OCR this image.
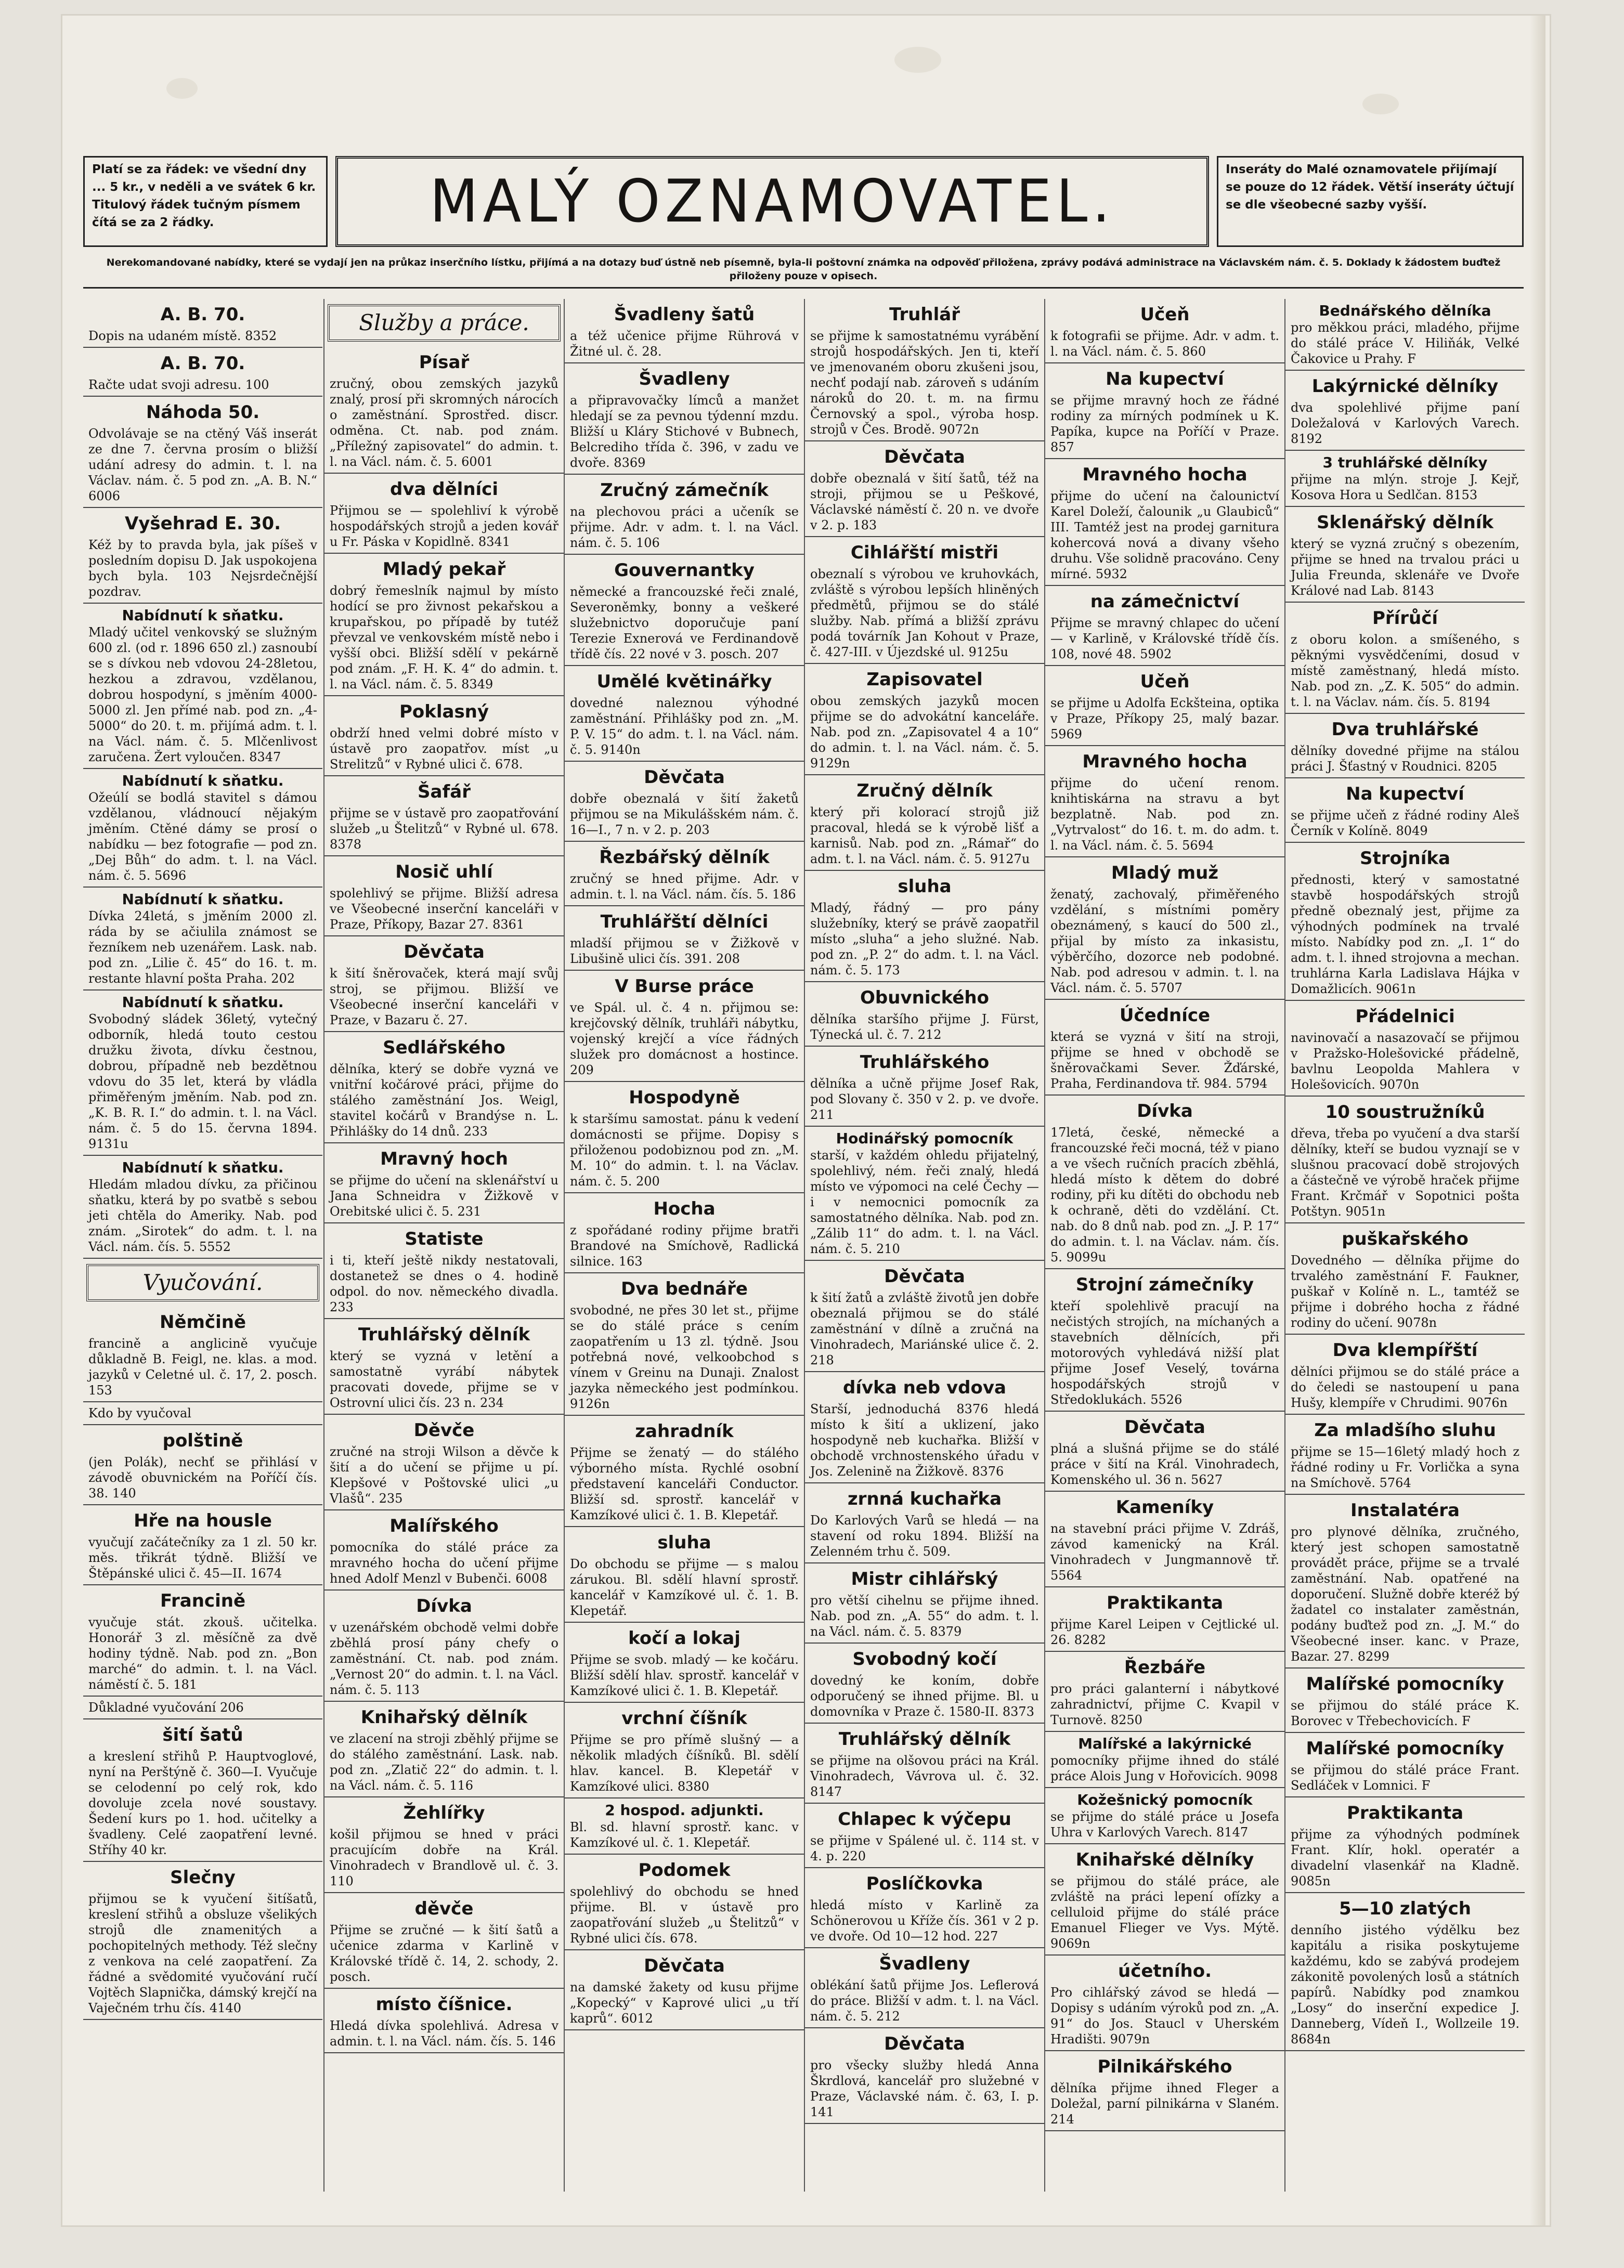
Platí se za řádek: ve všední dny ... 5 kr., v neděli a ve svátek 6 kr. Titulový řádek tučným písmem čítá se za 2 řádky.	MALÝ OZNAMOVATEL.	Inseráty do Malé oznamovatele přijímají se pouze do 12 řádek. Větší inseráty účtují se dle všeobecné sazby vyšší.
Nerekomandované nabídky, které se vydají jen na průkaz inserčního lístku, přijímá a na dotazy buď ústně neb písemně, byla-li poštovní známka na odpověď přiložena, zprávy podává administrace na Václavském nám. č. 5. Doklady k žádostem buďtež přiloženy pouze v opisech.
A. B. 70.
Dopis na udaném místě. 8352
A. B. 70.
Račte udat svoji adresu. 100
Náhoda 50.
Odvolávaje se na ctěný Váš inserát ze dne 7. června prosím o bližší udání adresy do admin. t. l. na Václav. nám. č. 5 pod zn. „A. B. N.“ 6006
Vyšehrad E. 30.
Kéž by to pravda byla, jak píšeš v posledním dopisu D. Jak uspokojena bych byla. 103 Nejsrdečnější pozdrav.
Nabídnutí k sňatku.
Mladý učitel venkovský se služným 600 zl. (od r. 1896 650 zl.) zasnoubí se s dívkou neb vdovou 24-28letou, hezkou a zdravou, vzdělanou, dobrou hospodyní, s jměním 4000-5000 zl. Jen přímé nab. pod zn. „4-5000“ do 20. t. m. přijímá adm. t. l. na Václ. nám. č. 5. Mlčenlivost zaručena. Žert vyloučen. 8347
Nabídnutí k sňatku.
Ožeúlí se bodlá stavitel s dámou vzdělanou, vládnoucí nějakým jměním. Ctěné dámy se prosí o nabídku — bez fotografie — pod zn. „Dej Bůh“ do adm. t. l. na Václ. nám. č. 5. 5696
Nabídnutí k sňatku.
Dívka 24letá, s jměním 2000 zl. ráda by se ačiulila známost se řezníkem neb uzenářem. Lask. nab. pod zn. „Lilie č. 45“ do 16. t. m. restante hlavní pošta Praha. 202
Nabídnutí k sňatku.
Svobodný sládek 36letý, vytečný odborník, hledá touto cestou družku života, dívku čestnou, dobrou, případně neb bezdětnou vdovu do 35 let, která by vládla přiměřeným jměním. Nab. pod zn. „K. B. R. I.“ do admin. t. l. na Václ. nám. č. 5 do 15. června 1894. 9131u
Nabídnutí k sňatku.
Hledám mladou dívku, za přičinou sňatku, která by po svatbě s sebou jeti chtěla do Ameriky. Nab. pod znám. „Sirotek“ do adm. t. l. na Václ. nám. čís. 5. 5552
Vyučování.
Němčině
francině a anglicině vyučuje důkladně B. Feigl, ne. klas. a mod. jazyků v Celetné ul. č. 17, 2. posch. 153
Kdo by vyučoval
polštině
(jen Polák), nechť se přihlásí v závodě obuvnickém na Poříčí čís. 38. 140
Hře na housle
vyučují začátečníky za 1 zl. 50 kr. měs. třikrát týdně. Bližší ve Štěpánské ulici č. 45—II. 1674
Francině
vyučuje stát. zkouš. učitelka. Honorář 3 zl. měsíčně za dvě hodiny týdně. Nab. pod zn. „Bon marché“ do admin. t. l. na Václ. náměstí č. 5. 181
Důkladné vyučování 206
šití šatů
a kreslení střihů P. Hauptvoglové, nyní na Perštýně č. 360—I. Vyučuje se celodenní po celý rok, kdo dovoluje zcela nové soustavy. Šedení kurs po 1. hod. učitelky a švadleny. Celé zaopatření levné. Stříhy 40 kr.
Slečny
přijmou se k vyučení šitíšatů, kreslení střihů a obsluze všelikých strojů dle znamenitých a pochopitelných methody. Též slečny z venkova na celé zaopatření. Za řádné a svědomité vyučování ručí Vojtěch Slapnička, dámský krejčí na Vaječném trhu čís. 4140
Služby a práce.
Písař
zručný, obou zemských jazyků znalý, prosí při skromných nárocích o zaměstnání. Sprostřed. discr. odměna. Ct. nab. pod znám. „Příležný zapisovatel“ do admin. t. l. na Václ. nám. č. 5. 6001
dva dělníci
Přijmou se — spolehliví k výrobě hospodářských strojů a jeden kovář u Fr. Páska v Kopidlně. 8341
Mladý pekař
dobrý řemeslník najmul by místo hodící se pro živnost pekařskou a krupařskou, po případě by tutéž převzal ve venkovském místě nebo i vyšší obci. Bližší sdělí v pekárně pod znám. „F. H. K. 4“ do admin. t. l. na Václ. nám. č. 5. 8349
Poklasný
obdrží hned velmi dobré místo v ústavě pro zaopatřov. míst „u Strelitzů“ v Rybné ulici č. 678.
Šafář
přijme se v ústavě pro zaopatřování služeb „u Štelitzů“ v Rybné ul. 678. 8378
Nosič uhlí
spolehlivý se přijme. Bližší adresa ve Všeobecné inserční kanceláři v Praze, Příkopy, Bazar 27. 8361
Děvčata
k šití šněrovaček, která mají svůj stroj, se přijmou. Bližší ve Všeobecné inserční kanceláři v Praze, v Bazaru č. 27.
Sedlářského
dělníka, který se dobře vyzná ve vnitřní kočárové práci, přijme do stálého zaměstnání Jos. Weigl, stavitel kočárů v Brandýse n. L. Přihlášky do 14 dnů. 233
Mravný hoch
se přijme do učení na sklenářství u Jana Schneidra v Žižkově v Orebitské ulici č. 5. 231
Statiste
i ti, kteří ještě nikdy nestatovali, dostanetež se dnes o 4. hodině odpol. do nov. německého divadla. 233
Truhlářský dělník
který se vyzná v letění a samostatně vyrábí nábytek pracovati dovede, přijme se v Ostrovní ulici čís. 23 n. 234
Děvče
zručné na stroji Wilson a děvče k šití a do učení se přijme u pí. Klepšové v Poštovské ulici „u Vlašů“. 235
Malířského
pomocníka do stálé práce za mravného hocha do učení přijme hned Adolf Menzl v Bubenči. 6008
Dívka
v uzenářském obchodě velmi dobře zběhlá prosí pány chefy o zaměstnání. Ct. nab. pod znám. „Vernost 20“ do admin. t. l. na Václ. nám. č. 5. 113
Knihařský dělník
ve zlacení na stroji zběhlý přijme se do stálého zaměstnání. Lask. nab. pod zn. „Zlatič 22“ do admin. t. l. na Václ. nám. č. 5. 116
Žehlířky
košil přijmou se hned v práci pracujícím dobře na Král. Vinohradech v Brandlově ul. č. 3. 110
děvče
Přijme se zručné — k šití šatů a učenice zdarma v Karlině v Královské třídě č. 14, 2. schody, 2. posch.
místo číšnice.
Hledá dívka spolehlivá. Adresa v admin. t. l. na Václ. nám. čís. 5. 146
Švadleny šatů
a též učenice přijme Rührová v Žitné ul. č. 28.
Švadleny
a připravovačky límců a manžet hledají se za pevnou týdenní mzdu. Bližší u Kláry Stichové v Bubnech, Belcrediho třída č. 396, v zadu ve dvoře. 8369
Zručný zámečník
na plechovou práci a učeník se přijme. Adr. v adm. t. l. na Václ. nám. č. 5. 106
Gouvernantky
německé a francouzské řeči znalé, Severoněmky, bonny a veškeré služebnictvo doporučuje paní Terezie Exnerová ve Ferdinandově třídě čís. 22 nové v 3. posch. 207
Umělé květinářky
dovedné naleznou výhodné zaměstnání. Přihlášky pod zn. „M. P. V. 15“ do adm. t. l. na Václ. nám. č. 5. 9140n
Děvčata
dobře obeznalá v šití žaketů přijmou se na Mikulášském nám. č. 16—I., 7 n. v 2. p. 203
Řezbářský dělník
zručný se hned přijme. Adr. v admin. t. l. na Václ. nám. čís. 5. 186
Truhlářští dělníci
mladší přijmou se v Žižkově v Libušině ulici čís. 391. 208
V Burse práce
ve Spál. ul. č. 4 n. přijmou se: krejčovský dělník, truhláři nábytku, vojenský krejčí a více řádných služek pro domácnost a hostince. 209
Hospodyně
k staršímu samostat. pánu k vedení domácnosti se přijme. Dopisy s přiloženou podobiznou pod zn. „M. M. 10“ do admin. t. l. na Václav. nám. č. 5. 200
Hocha
z spořádané rodiny přijme bratři Brandové na Smíchově, Radlická silnice. 163
Dva bednáře
svobodné, ne přes 30 let st., přijme se do stálé práce s cením zaopatřením u 13 zl. týdně. Jsou potřebná nové, velkoobchod s vínem v Greinu na Dunaji. Znalost jazyka německého jest podmínkou. 9126n
zahradník
Přijme se ženatý — do stálého výborného místa. Rychlé osobní představení kanceláři Conductor. Bližší sd. sprostř. kancelář v Kamzíkové ulici č. 1. B. Klepetář.
sluha
Do obchodu se přijme — s malou zárukou. Bl. sdělí hlavní sprostř. kancelář v Kamzíkové ul. č. 1. B. Klepetář.
kočí a lokaj
Přijme se svob. mladý — ke kočáru. Bližší sdělí hlav. sprostř. kancelář v Kamzíkové ulici č. 1. B. Klepetář.
vrchní číšník
Přijme se pro přímě slušný — a několik mladých číšníků. Bl. sdělí hlav. kancel. B. Klepetář v Kamzíkové ulici. 8380
2 hospod. adjunkti.
Bl. sd. hlavní sprostř. kanc. v Kamzíkové ul. č. 1. Klepetář.
Podomek
spolehlivý do obchodu se hned přijme. Bl. v ústavě pro zaopatřování služeb „u Štelitzů“ v Rybné ulici čís. 678.
Děvčata
na damské žakety od kusu přijme „Kopecký“ v Kaprové ulici „u tří kaprů“. 6012
Truhlář
se přijme k samostatnému vyrábění strojů hospodářských. Jen ti, kteří ve jmenovaném oboru zkušeni jsou, nechť podají nab. zároveň s udáním nároků do 20. t. m. na firmu Černovský a spol., výroba hosp. strojů v Čes. Brodě. 9072n
Děvčata
dobře obeznalá v šití šatů, též na stroji, přijmou se u Peškové, Václavské náměstí č. 20 n. ve dvoře v 2. p. 183
Cihlářští mistři
obeznalí s výrobou ve kruhovkách, zvláště s výrobou lepších hliněných předmětů, přijmou se do stálé služby. Nab. přímá a bližší zprávu podá továrník Jan Kohout v Praze, č. 427-III. v Újezdské ul. 9125u
Zapisovatel
obou zemských jazyků mocen přijme se do advokátní kanceláře. Nab. pod zn. „Zapisovatel 4 a 10“ do admin. t. l. na Václ. nám. č. 5. 9129n
Zručný dělník
který při kolorací strojů již pracoval, hledá se k výrobě lišť a karnisů. Nab. pod zn. „Rámař“ do adm. t. l. na Václ. nám. č. 5. 9127u
sluha
Mladý, řádný — pro pány služebníky, který se právě zaopatřil místo „sluha“ a jeho služné. Nab. pod zn. „P. 2“ do adm. t. l. na Václ. nám. č. 5. 173
Obuvnického
dělníka staršího přijme J. Fürst, Týnecká ul. č. 7. 212
Truhlářského
dělníka a učně přijme Josef Rak, pod Slovany č. 350 v 2. p. ve dvoře. 211
Hodinářský pomocník
starší, v každém ohledu přijatelný, spolehlivý, ném. řeči znalý, hledá místo ve výpomoci na celé Čechy — i v nemocnici pomocník za samostatného dělníka. Nab. pod zn. „Zálib 11“ do adm. t. l. na Václ. nám. č. 5. 210
Děvčata
k šití žatů a zvláště životů jen dobře obeznalá přijmou se do stálé zaměstnání v dílně a zručná na Vinohradech, Mariánské ulice č. 2. 218
dívka neb vdova
Starší, jednoduchá 8376 hledá místo k šití a uklizení, jako hospodyně neb kuchařka. Bližší v obchodě vrchnostenského úřadu v Jos. Zelenině na Žižkově. 8376
zrnná kuchařka
Do Karlových Varů se hledá — na stavení od roku 1894. Bližší na Zelenném trhu č. 509.
Mistr cihlářský
pro větší cihelnu se přijme ihned. Nab. pod zn. „A. 55“ do adm. t. l. na Václ. nám. č. 5. 8379
Svobodný kočí
dovedný ke koním, dobře odporučený se ihned přijme. Bl. u domovníka v Praze č. 1580-II. 8373
Truhlářský dělník
se přijme na olšovou práci na Král. Vinohradech, Vávrova ul. č. 32. 8147
Chlapec k výčepu
se přijme v Spálené ul. č. 114 st. v 4. p. 220
Poslíčkovka
hledá místo v Karlině za Schönerovou u Kříže čís. 361 v 2 p. ve dvoře. Od 10—12 hod. 227
Švadleny
oblékání šatů přijme Jos. Leflerová do práce. Bližší v adm. t. l. na Václ. nám. č. 5. 212
Děvčata
pro všecky služby hledá Anna Škrdlová, kancelář pro služebné v Praze, Václavské nám. č. 63, I. p. 141
Učeň
k fotografii se přijme. Adr. v adm. t. l. na Václ. nám. č. 5. 860
Na kupectví
se přijme mravný hoch ze řádné rodiny za mírných podmínek u K. Papíka, kupce na Poříčí v Praze. 857
Mravného hocha
přijme do učení na čalounictví Karel Doleží, čalounik „u Glaubiců“ III. Tamtéž jest na prodej garnitura kohercová nová a divany všeho druhu. Vše solidně pracováno. Ceny mírné. 5932
na zámečnictví
Přijme se mravný chlapec do učení — v Karlině, v Královské třídě čís. 108, nové 48. 5902
Učeň
se přijme u Adolfa Eckšteina, optika v Praze, Příkopy 25, malý bazar. 5969
Mravného hocha
přijme do učení renom. knihtiskárna na stravu a byt bezplatně. Nab. pod zn. „Vytrvalost“ do 16. t. m. do adm. t. l. na Václ. nám. č. 5. 5694
Mladý muž
ženatý, zachovalý, přiměřeného vzdělání, s místními poměry obeznámený, s kaucí do 500 zl., přijal by místo za inkasistu, výběrčího, dozorce neb podobné. Nab. pod adresou v admin. t. l. na Václ. nám. č. 5. 5707
Účedníce
která se vyzná v šití na stroji, přijme se hned v obchodě se šněrovačkami Sever. Žďárské, Praha, Ferdinandova tř. 984. 5794
Dívka
17letá, české, německé a francouzské řeči mocná, též v piano a ve všech ručních pracích zběhlá, hledá místo k dětem do dobré rodiny, při ku dítěti do obchodu neb k ochraně, děti do vzdělání. Ct. nab. do 8 dnů nab. pod zn. „J. P. 17“ do admin. t. l. na Václav. nám. čís. 5. 9099u
Strojní zámečníky
kteří spolehlivě pracují na nečistých strojích, na míchaných a stavebních dělnících, při motorových vyhledává nižší plat přijme Josef Veselý, továrna hospodářských strojů v Středoklukách. 5526
Děvčata
plná a slušná přijme se do stálé práce v šití na Král. Vinohradech, Komenského ul. 36 n. 5627
Kameníky
na stavební práci přijme V. Zdráš, závod kamenický na Král. Vinohradech v Jungmannově tř. 5564
Praktikanta
přijme Karel Leipen v Cejtlické ul. 26. 8282
Řezbáře
pro práci galanterní i nábytkové zahradnictví, přijme C. Kvapil v Turnově. 8250
Malířské a lakýrnické
pomocníky přijme ihned do stálé práce Alois Jung v Hořovicích. 9098
Kožešnický pomocník
se přijme do stálé práce u Josefa Uhra v Karlových Varech. 8147
Knihařské dělníky
se přijmou do stálé práce, ale zvláště na práci lepení ofízky a celluloid přijme do stálé práce Emanuel Flieger ve Vys. Mýtě. 9069n
účetního.
Pro cihlářský závod se hledá — Dopisy s udáním výroků pod zn. „A. 91“ do Jos. Staucl v Uherském Hradišti. 9079n
Pilnikářského
dělníka přijme ihned Fleger a Doležal, parní pilnikárna v Slaném. 214
Bednářského dělníka
pro měkkou práci, mladého, přijme do stálé práce V. Hiliňák, Velké Čakovice u Prahy. F
Lakýrnické dělníky
dva spolehlivé přijme paní Doležalová v Karlových Varech. 8192
3 truhlářské dělníky
přijme na mlýn. stroje J. Kejř, Kosova Hora u Sedlčan. 8153
Sklenářský dělník
který se vyzná zručný s obezením, přijme se hned na trvalou práci u Julia Freunda, sklenáře ve Dvoře Králové nad Lab. 8143
Přírůčí
z oboru kolon. a smíšeného, s pěknými vysvědčeními, dosud v místě zaměstnaný, hledá místo. Nab. pod zn. „Z. K. 505“ do admin. t. l. na Václav. nám. čís. 5. 8194
Dva truhlářské
dělníky dovedné přijme na stálou práci J. Šťastný v Roudnici. 8205
Na kupectví
se přijme učeň z řádné rodiny Aleš Černík v Kolíně. 8049
Strojníka
přednosti, který v samostatné stavbě hospodářských strojů předně obeznalý jest, přijme za výhodných podmínek na trvalé místo. Nabídky pod zn. „I. 1“ do adm. t. l. ihned strojovna a mechan. truhlárna Karla Ladislava Hájka v Domažlicích. 9061n
Přádelnici
navinovačí a nasazovačí se přijmou v Pražsko-Holešovické přádelně, bavlnu Leopolda Mahlera v Holešovicích. 9070n
10 soustružníků
dřeva, třeba po vyučení a dva starší dělníky, kteří se budou vyznají se v slušnou pracovací době strojových a částečně ve výrobě hraček přijme Frant. Krčmář v Sopotnici pošta Potštyn. 9051n
puškařského
Dovedného — dělníka přijme do trvalého zaměstnání F. Faukner, puškař v Kolíně n. L., tamtéž se přijme i dobrého hocha z řádné rodiny do učení. 9078n
Dva klempířští
dělníci přijmou se do stálé práce a do čeledi se nastoupení u pana Hušy, klempíře v Chrudimi. 9076n
Za mladšího sluhu
přijme se 15—16letý mladý hoch z řádné rodiny u Fr. Vorlička a syna na Smíchově. 5764
Instalatéra
pro plynové dělníka, zručného, který jest schopen samostatně provádět práce, přijme se a trvalé zaměstnání. Nab. opatřené na doporučení. Služně dobře kteréž bý žadatel co instalater zaměstnán, podány buďtež pod zn. „J. M.“ do Všeobecné inser. kanc. v Praze, Bazar. 27. 8299
Malířské pomocníky
se přijmou do stálé práce K. Borovec v Třebechovicích. F
Malířské pomocníky
se přijmou do stálé práce Frant. Sedláček v Lomnici. F
Praktikanta
přijme za výhodných podmínek Frant. Klír, hokl. operatér a divadelní vlasenkář na Kladně. 9085n
5—10 zlatých
denního jistého výdělku bez kapitálu a risika poskytujeme každému, kdo se zabývá prodejem zákonitě povolených losů a státních papírů. Nabídky pod znamkou „Losy“ do inserční expedice J. Danneberg, Vídeň I., Wollzeile 19. 8684n
